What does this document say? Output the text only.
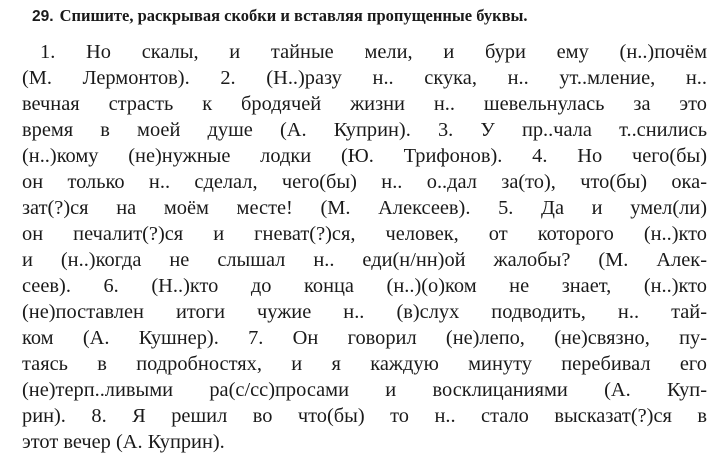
29. Спишите, раскрывая скобки и вставляя пропущенные буквы.
1. Но скалы, и тайные мели, и бури ему (н..)почём
(М. Лермонтов). 2. (Н..)разу н.. скука, н.. ут..мление, н..
вечная страсть к бродячей жизни н.. шевельнулась за это
время в моей душе (А. Куприн). 3. У пр..чала т..снились
(н..)кому (не)нужные лодки (Ю. Трифонов). 4. Но чего(бы)
он только н.. сделал, чего(бы) н.. о..дал за(то), что(бы) ока-
зат(?)ся на моём месте! (М. Алексеев). 5. Да и умел(ли)
он печалит(?)ся и гневат(?)ся, человек, от которого (н..)кто
и (н..)когда не слышал н.. еди(н/нн)ой жалобы? (М. Алек-
сеев). 6. (Н..)кто до конца (н..)(о)ком не знает, (н..)кто
(не)поставлен итоги чужие н.. (в)слух подводить, н.. тай-
ком (А. Кушнер). 7. Он говорил (не)лепо, (не)связно, пу-
таясь в подробностях, и я каждую минуту перебивал его
(не)терп..ливыми ра(с/сс)просами и восклицаниями (А. Куп-
рин). 8. Я решил во что(бы) то н.. стало высказат(?)ся в
этот вечер (А. Куприн).
